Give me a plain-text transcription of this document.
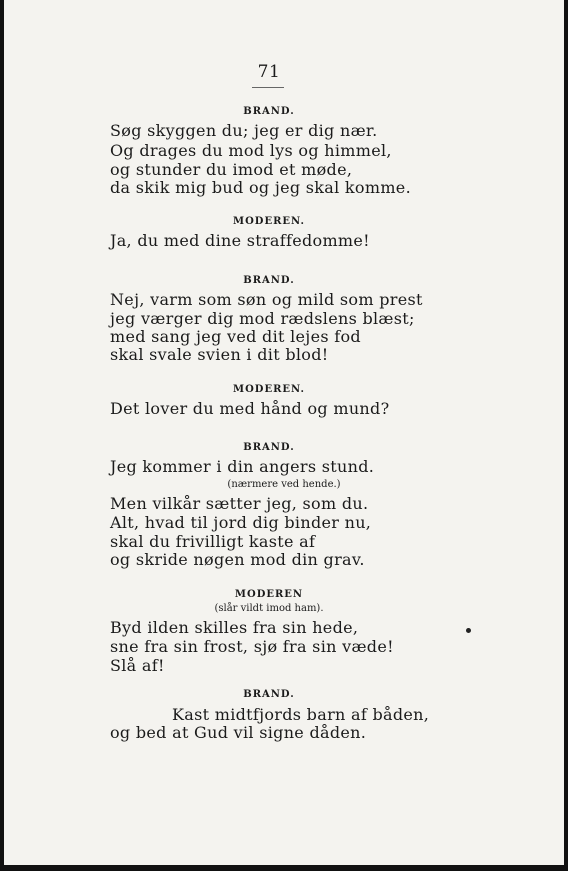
71
BRAND.
Søg skyggen du; jeg er dig nær.
Og drages du mod lys og himmel,
og stunder du imod et møde,
da skik mig bud og jeg skal komme.
MODEREN.
Ja, du med dine straffedomme!
BRAND.
Nej, varm som søn og mild som prest
jeg værger dig mod rædslens blæst;
med sang jeg ved dit lejes fod
skal svale svien i dit blod!
MODEREN.
Det lover du med hånd og mund?
BRAND.
Jeg kommer i din angers stund.
(nærmere ved hende.)
Men vilkår sætter jeg, som du.
Alt, hvad til jord dig binder nu,
skal du frivilligt kaste af
og skride nøgen mod din grav.
MODEREN
(slår vildt imod ham).
Byd ilden skilles fra sin hede,
sne fra sin frost, sjø fra sin væde!
Slå af!
BRAND.
Kast midtfjords barn af båden,
og bed at Gud vil signe dåden.
